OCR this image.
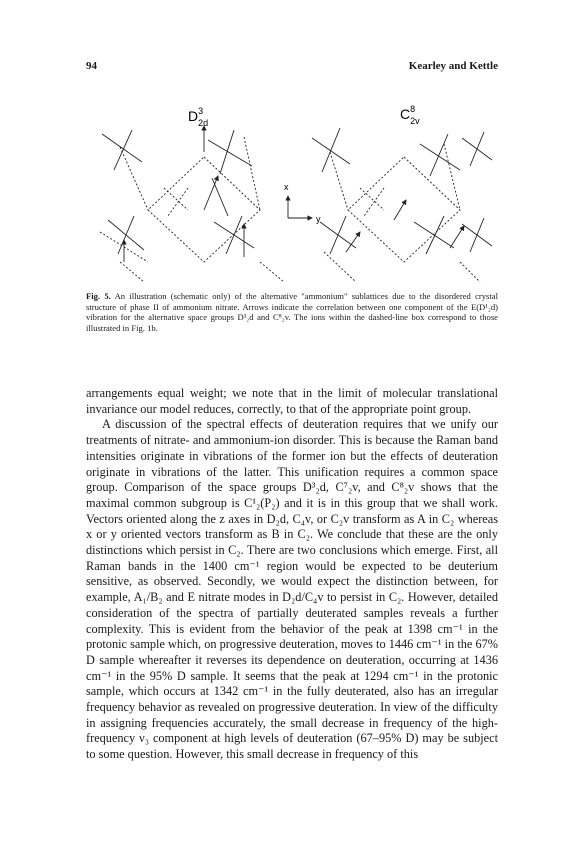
94	Kearley and Kettle
$D^3$ 2d
$C^8$ 2v
x
y
Fig. 5. An illustration (schematic only) of the alternative "ammonium" sublattices due to the disordered crystal structure of phase II of ammonium nitrate. Arrows indicate the correlation between one component of the E(D¹₂d) vibration for the alternative space groups D³₂d and C⁸₂v. The ions within the dashed-line box correspond to those illustrated in Fig. 1b.

arrangements equal weight; we note that in the limit of molecular translational invariance our model reduces, correctly, to that of the appropriate point group.

A discussion of the spectral effects of deuteration requires that we unify our treatments of nitrate- and ammonium-ion disorder. This is because the Raman band intensities originate in vibrations of the former ion but the effects of deuteration originate in vibrations of the latter. This unification requires a common space group. Comparison of the space groups D³₂d, C⁷₂v, and C⁸₂v shows that the maximal common subgroup is C¹₂(P₂) and it is in this group that we shall work. Vectors oriented along the z axes in D₂d, C₄v, or C₂v transform as A in C₂ whereas x or y oriented vectors transform as B in C₂. We conclude that these are the only distinctions which persist in C₂. There are two conclusions which emerge. First, all Raman bands in the 1400 cm⁻¹ region would be expected to be deuterium sensitive, as observed. Secondly, we would expect the distinction between, for example, A₁/B₂ and E nitrate modes in D₂d/C₄v to persist in C₂. However, detailed consideration of the spectra of partially deuterated samples reveals a further complexity. This is evident from the behavior of the peak at 1398 cm⁻¹ in the protonic sample which, on progressive deuteration, moves to 1446 cm⁻¹ in the 67% D sample whereafter it reverses its dependence on deuteration, occurring at 1436 cm⁻¹ in the 95% D sample. It seems that the peak at 1294 cm⁻¹ in the protonic sample, which occurs at 1342 cm⁻¹ in the fully deuterated, also has an irregular frequency behavior as revealed on progressive deuteration. In view of the difficulty in assigning frequencies accurately, the small decrease in frequency of the high-frequency ν₃ component at high levels of deuteration (67–95% D) may be subject to some question. However, this small decrease in frequency of this
